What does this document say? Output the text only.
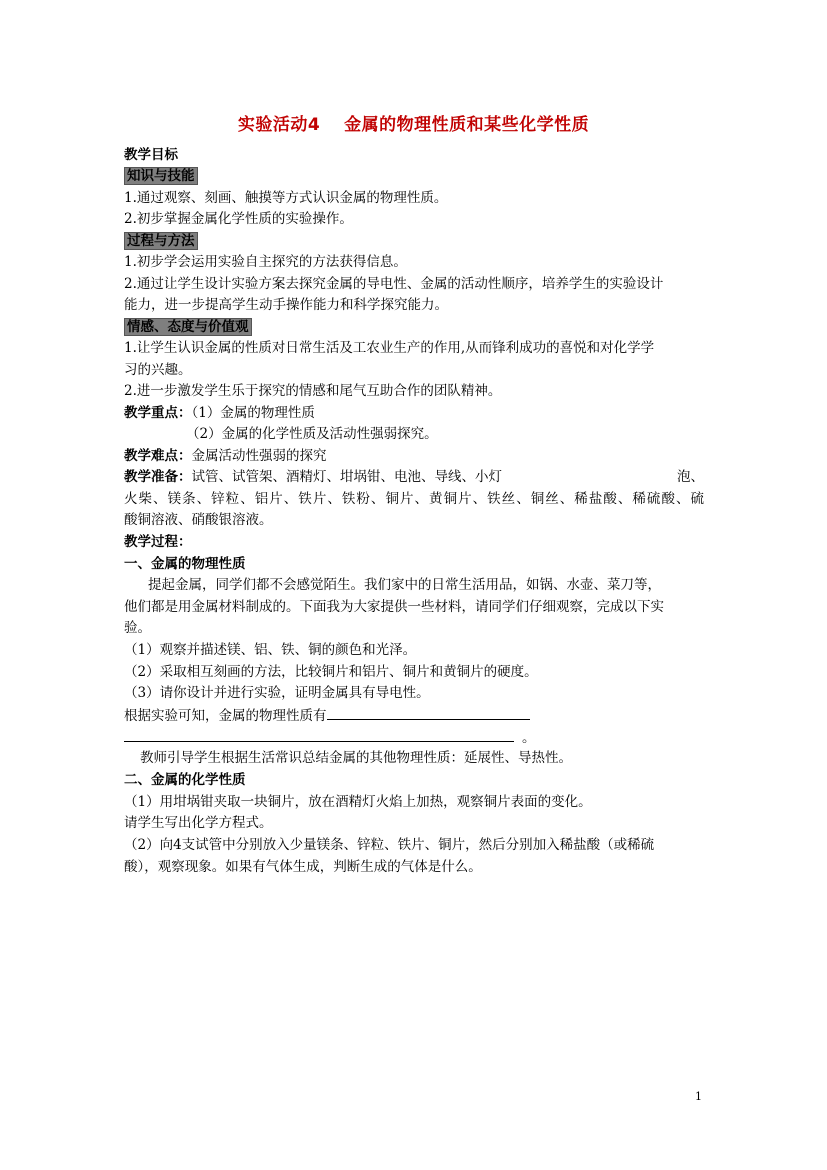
实验活动4　 金属的物理性质和某些化学性质
教学目标
知识与技能
1.通过观察、刻画、触摸等方式认识金属的物理性质。
2.初步掌握金属化学性质的实验操作。
过程与方法
1.初步学会运用实验自主探究的方法获得信息。
2.通过让学生设计实验方案去探究金属的导电性、金属的活动性顺序，培养学生的实验设计
能力，进一步提高学生动手操作能力和科学探究能力。
情感、态度与价值观
1.让学生认识金属的性质对日常生活及工农业生产的作用,从而锋利成功的喜悦和对化学学
习的兴趣。
2.进一步激发学生乐于探究的情感和尾气互助合作的团队精神。
教学重点：（1）金属的物理性质
（2）金属的化学性质及活动性强弱探究。
教学难点：金属活动性强弱的探究
教学准备：试管、试管架、酒精灯、坩埚钳、电池、导线、小灯	泡、
火柴、镁条、锌粒、铝片、铁片、铁粉、铜片、黄铜片、铁丝、铜丝、稀盐酸、稀硫酸、硫
酸铜溶液、硝酸银溶液。
教学过程：
一、金属的物理性质
提起金属，同学们都不会感觉陌生。我们家中的日常生活用品，如锅、水壶、菜刀等，
他们都是用金属材料制成的。下面我为大家提供一些材料，请同学们仔细观察，完成以下实
验。
（1）观察并描述镁、铝、铁、铜的颜色和光泽。
（2）采取相互刻画的方法，比较铜片和铝片、铜片和黄铜片的硬度。
（3）请你设计并进行实验，证明金属具有导电性。
根据实验可知，金属的物理性质有
。
教师引导学生根据生活常识总结金属的其他物理性质：延展性、导热性。
二、金属的化学性质
（1）用坩埚钳夹取一块铜片，放在酒精灯火焰上加热，观察铜片表面的变化。
请学生写出化学方程式。
（2）向4支试管中分别放入少量镁条、锌粒、铁片、铜片，然后分别加入稀盐酸（或稀硫
酸），观察现象。如果有气体生成，判断生成的气体是什么。
1
